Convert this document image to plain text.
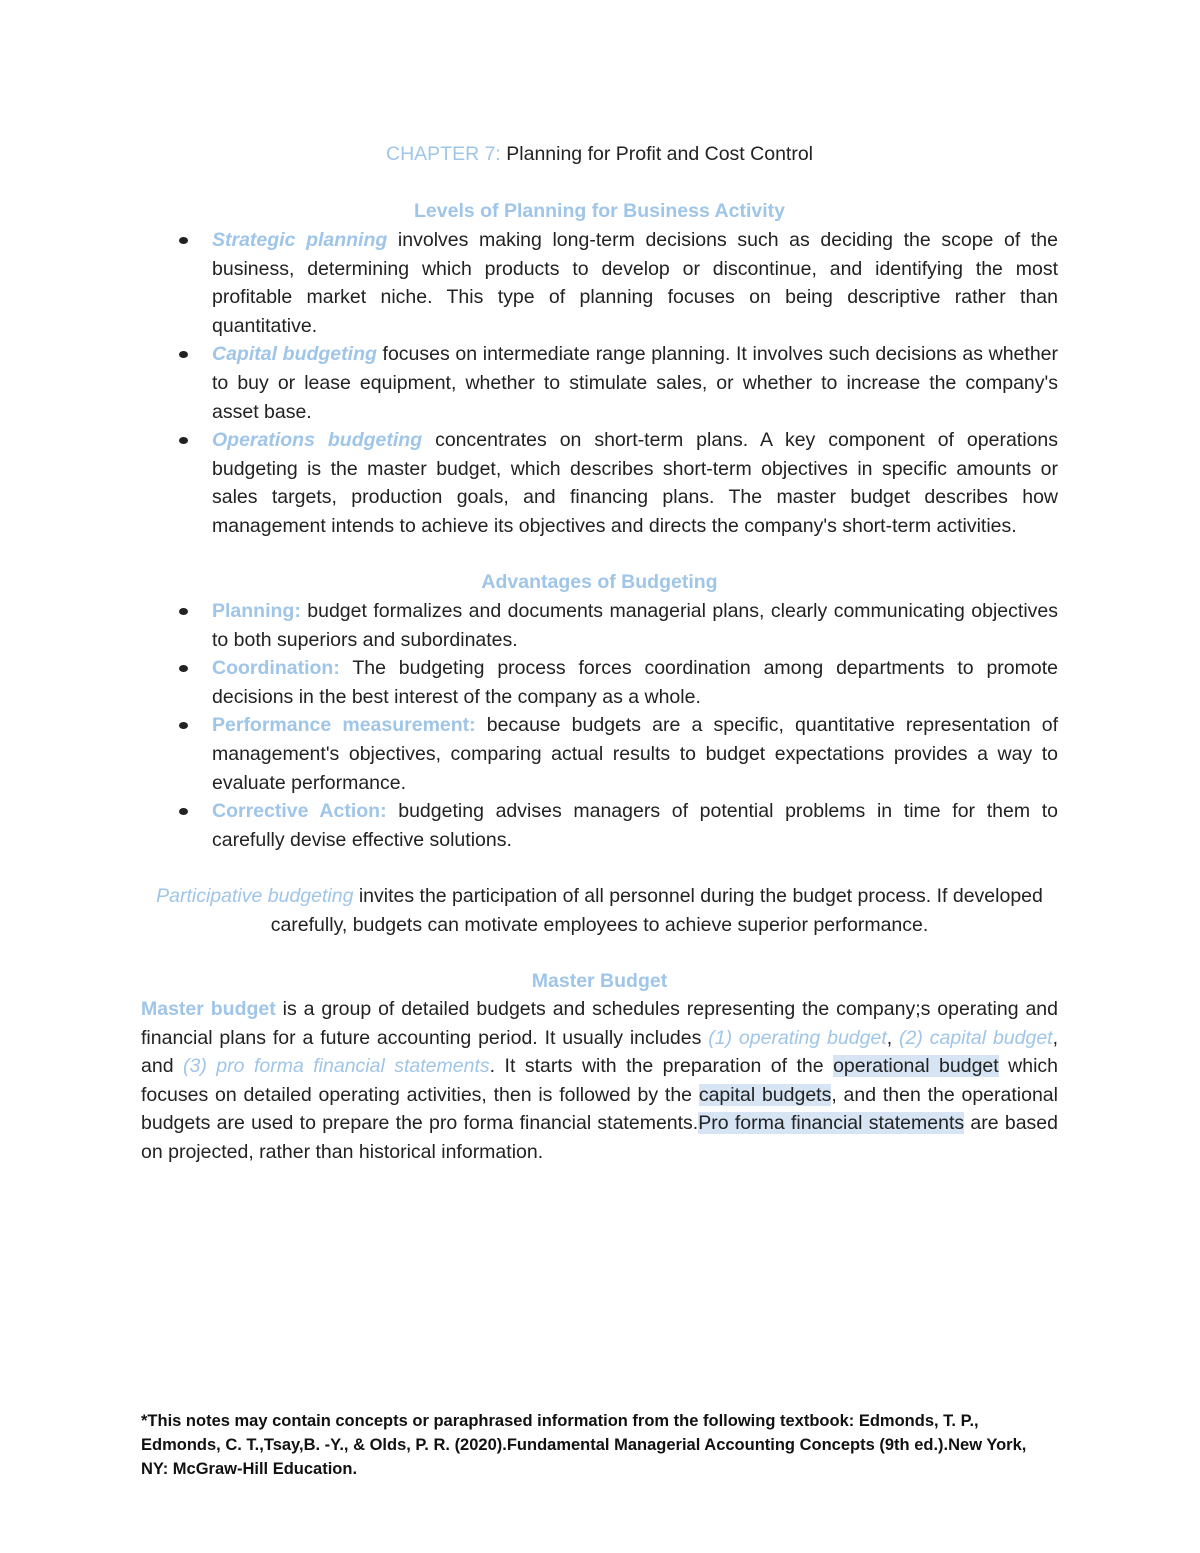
CHAPTER 7: Planning for Profit and Cost Control
Levels of Planning for Business Activity
Strategic planning involves making long-term decisions such as deciding the scope of the business, determining which products to develop or discontinue, and identifying the most profitable market niche. This type of planning focuses on being descriptive rather than quantitative.
Capital budgeting focuses on intermediate range planning. It involves such decisions as whether to buy or lease equipment, whether to stimulate sales, or whether to increase the company's asset base.
Operations budgeting concentrates on short-term plans. A key component of operations budgeting is the master budget, which describes short-term objectives in specific amounts or sales targets, production goals, and financing plans. The master budget describes how management intends to achieve its objectives and directs the company's short-term activities.
Advantages of Budgeting
Planning: budget formalizes and documents managerial plans, clearly communicating objectives to both superiors and subordinates.
Coordination: The budgeting process forces coordination among departments to promote decisions in the best interest of the company as a whole.
Performance measurement: because budgets are a specific, quantitative representation of management's objectives, comparing actual results to budget expectations provides a way to evaluate performance.
Corrective Action: budgeting advises managers of potential problems in time for them to carefully devise effective solutions.
Participative budgeting invites the participation of all personnel during the budget process. If developed carefully, budgets can motivate employees to achieve superior performance.
Master Budget
Master budget is a group of detailed budgets and schedules representing the company;s operating and financial plans for a future accounting period. It usually includes (1) operating budget, (2) capital budget, and (3) pro forma financial statements. It starts with the preparation of the operational budget which focuses on detailed operating activities, then is followed by the capital budgets, and then the operational budgets are used to prepare the pro forma financial statements.Pro forma financial statements are based on projected, rather than historical information.
*This notes may contain concepts or paraphrased information from the following textbook: Edmonds, T. P., Edmonds, C. T.,Tsay,B. -Y., & Olds, P. R. (2020).Fundamental Managerial Accounting Concepts (9th ed.).New York, NY: McGraw-Hill Education.
